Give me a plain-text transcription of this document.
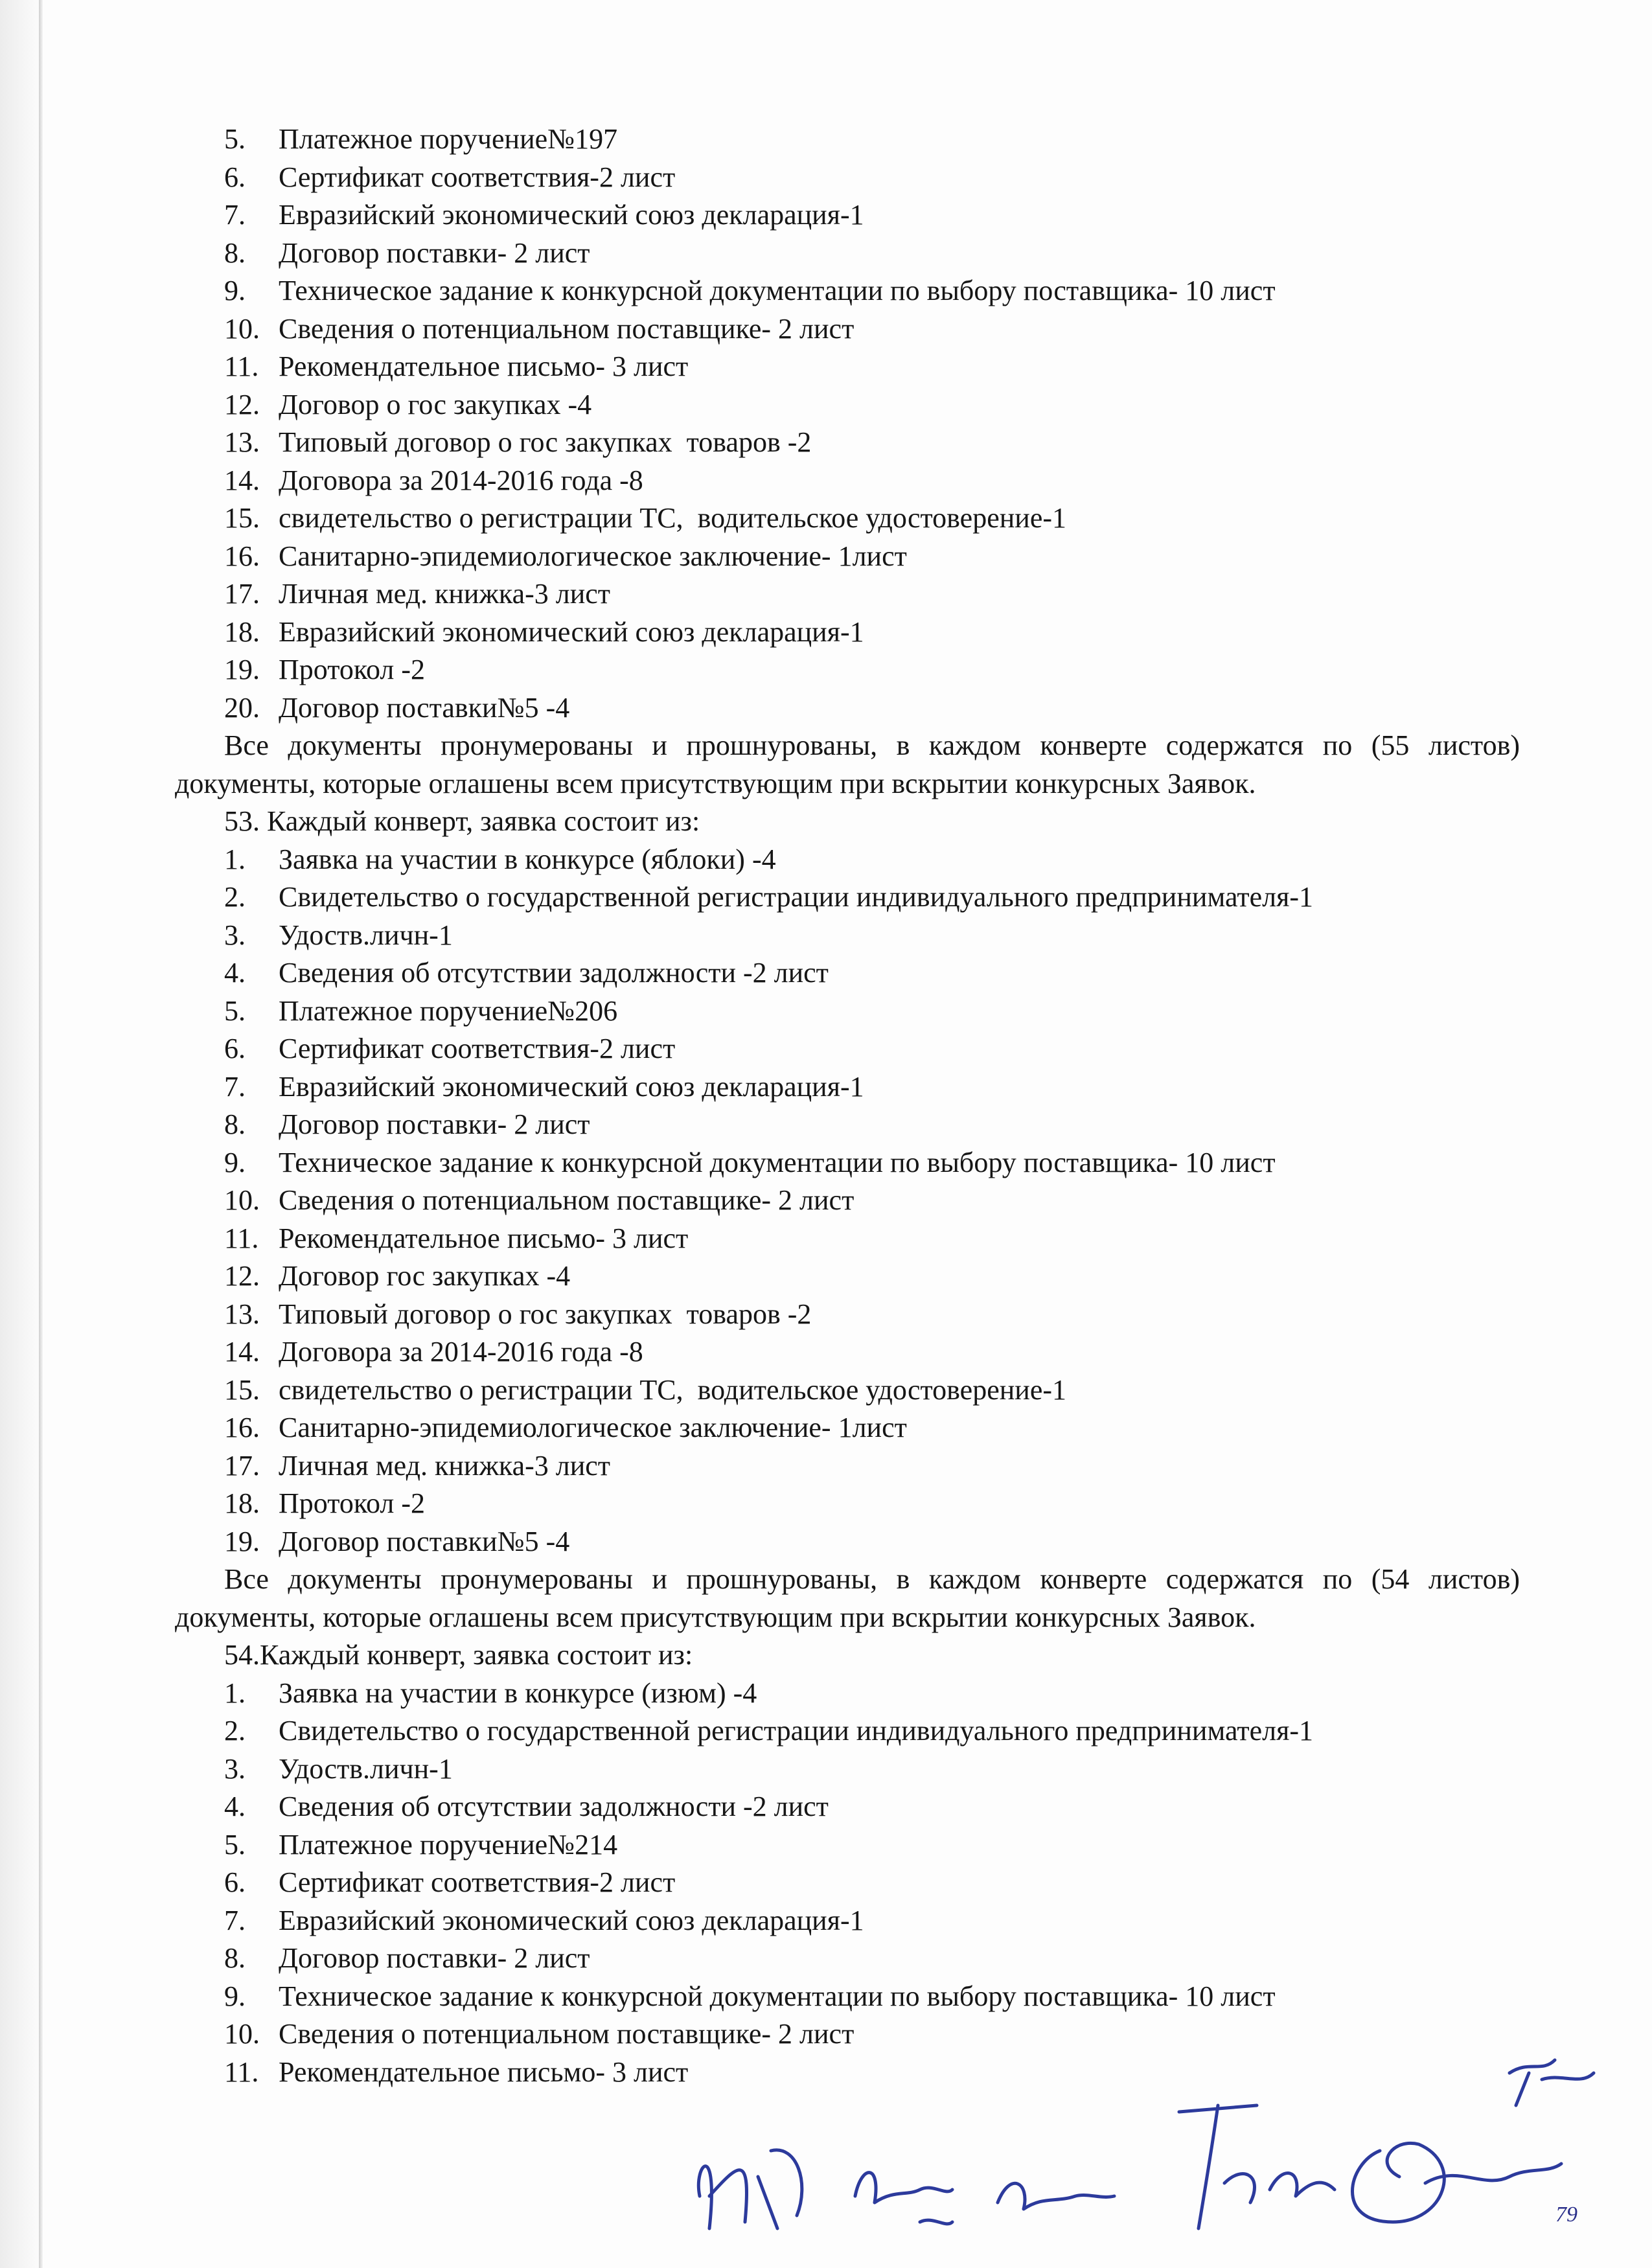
5. Платежное поручение№197
6. Сертификат соответствия-2 лист
7. Евразийский экономический союз декларация-1
8. Договор поставки- 2 лист
9. Техническое задание к конкурсной документации по выбору поставщика- 10 лист
10. Сведения о потенциальном поставщике- 2 лист
11. Рекомендательное письмо- 3 лист
12. Договор о гос закупках -4
13. Типовый договор о гос закупках  товаров -2
14. Договора за 2014-2016 года -8
15. свидетельство о регистрации ТС,  водительское удостоверение-1
16. Санитарно-эпидемиологическое заключение- 1лист
17. Личная мед. книжка-3 лист
18. Евразийский экономический союз декларация-1
19. Протокол -2
20. Договор поставки№5 -4
Все документы пронумерованы и прошнурованы, в каждом конверте содержатся по (55 листов) документы, которые оглашены всем присутствующим при вскрытии конкурсных Заявок.
53. Каждый конверт, заявка состоит из:
1. Заявка на участии в конкурсе (яблоки) -4
2. Свидетельство о государственной регистрации индивидуального предпринимателя-1
3. Удоств.личн-1
4. Сведения об отсутствии задолжности -2 лист
5. Платежное поручение№206
6. Сертификат соответствия-2 лист
7. Евразийский экономический союз декларация-1
8. Договор поставки- 2 лист
9. Техническое задание к конкурсной документации по выбору поставщика- 10 лист
10. Сведения о потенциальном поставщике- 2 лист
11. Рекомендательное письмо- 3 лист
12. Договор гос закупках -4
13. Типовый договор о гос закупках  товаров -2
14. Договора за 2014-2016 года -8
15. свидетельство о регистрации ТС,  водительское удостоверение-1
16. Санитарно-эпидемиологическое заключение- 1лист
17. Личная мед. книжка-3 лист
18. Протокол -2
19. Договор поставки№5 -4
Все документы пронумерованы и прошнурованы, в каждом конверте содержатся по (54 листов) документы, которые оглашены всем присутствующим при вскрытии конкурсных Заявок.
54.Каждый конверт, заявка состоит из:
1. Заявка на участии в конкурсе (изюм) -4
2. Свидетельство о государственной регистрации индивидуального предпринимателя-1
3. Удоств.личн-1
4. Сведения об отсутствии задолжности -2 лист
5. Платежное поручение№214
6. Сертификат соответствия-2 лист
7. Евразийский экономический союз декларация-1
8. Договор поставки- 2 лист
9. Техническое задание к конкурсной документации по выбору поставщика- 10 лист
10. Сведения о потенциальном поставщике- 2 лист
11. Рекомендательное письмо- 3 лист
79
